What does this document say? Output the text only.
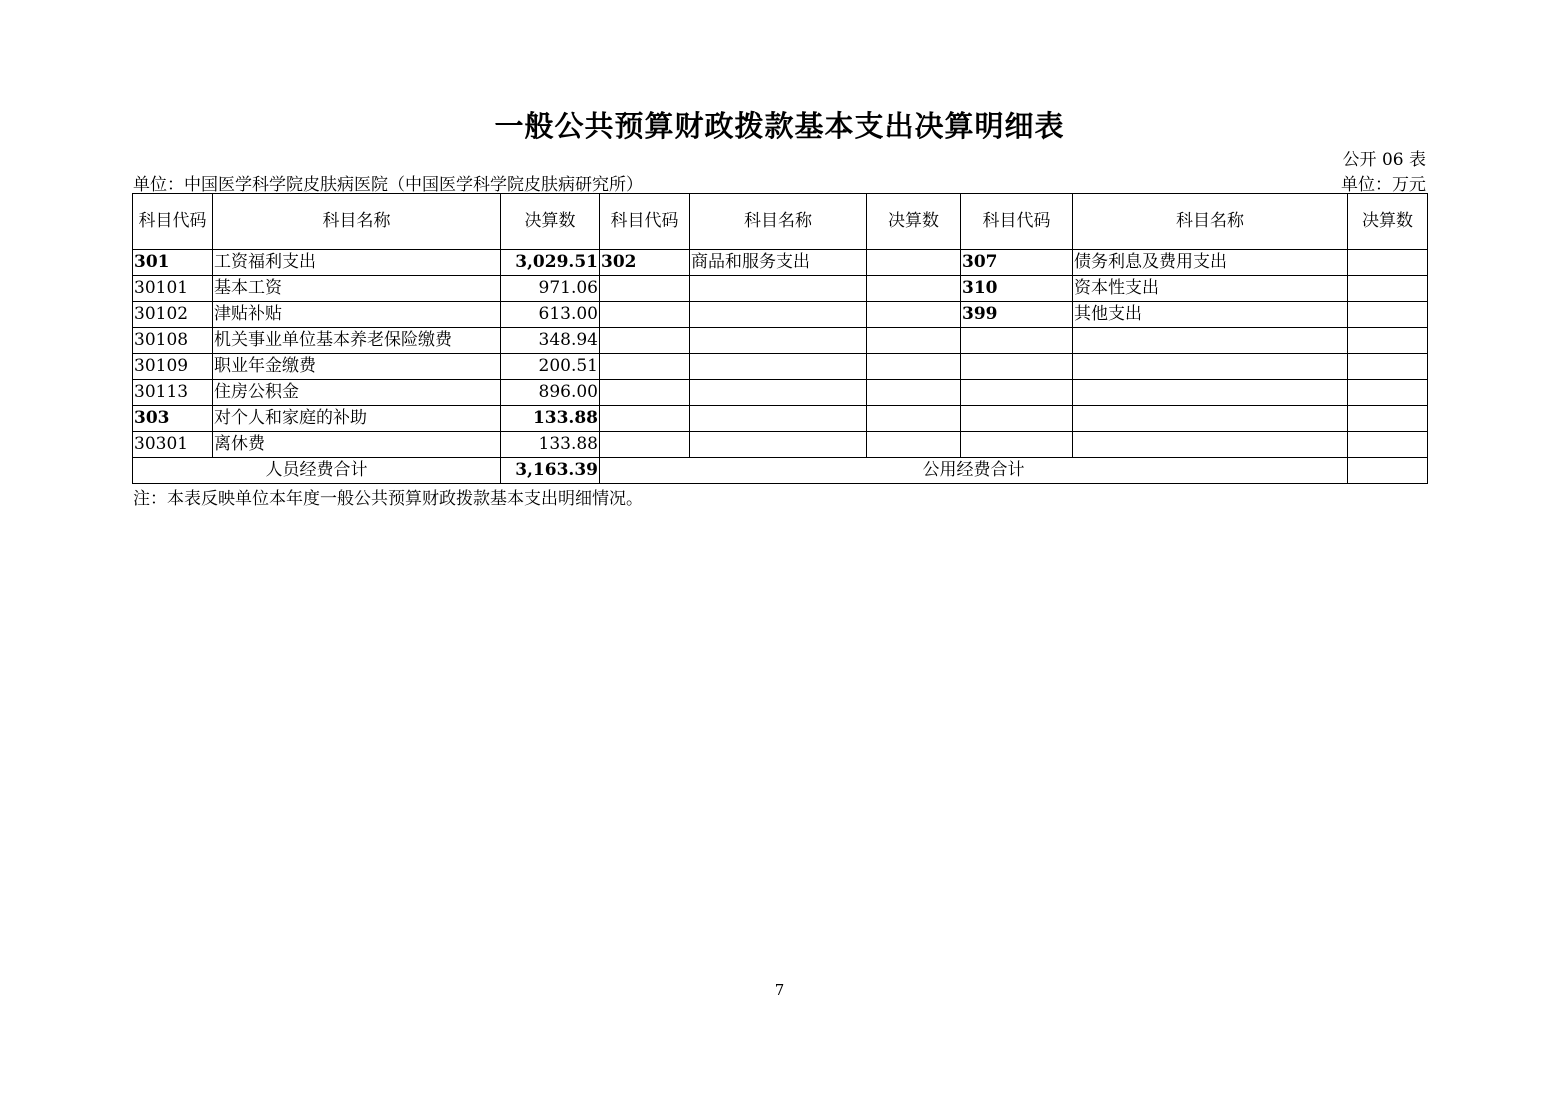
一般公共预算财政拨款基本支出决算明细表
公开 06 表
单位：中国医学科学院皮肤病医院（中国医学科学院皮肤病研究所）	单位：万元
科目代码	科目名称	决算数	科目代码	科目名称	决算数	科目代码	科目名称	决算数
301	工资福利支出	3,029.51	302	商品和服务支出		307	债务利息及费用支出	
30101	基本工资	971.06				310	资本性支出	
30102	津贴补贴	613.00				399	其他支出	
30108	机关事业单位基本养老保险缴费	348.94						
30109	职业年金缴费	200.51						
30113	住房公积金	896.00						
303	对个人和家庭的补助	133.88						
30301	离休费	133.88						
人员经费合计		3,163.39	公用经费合计					
注：本表反映单位本年度一般公共预算财政拨款基本支出明细情况。
7
